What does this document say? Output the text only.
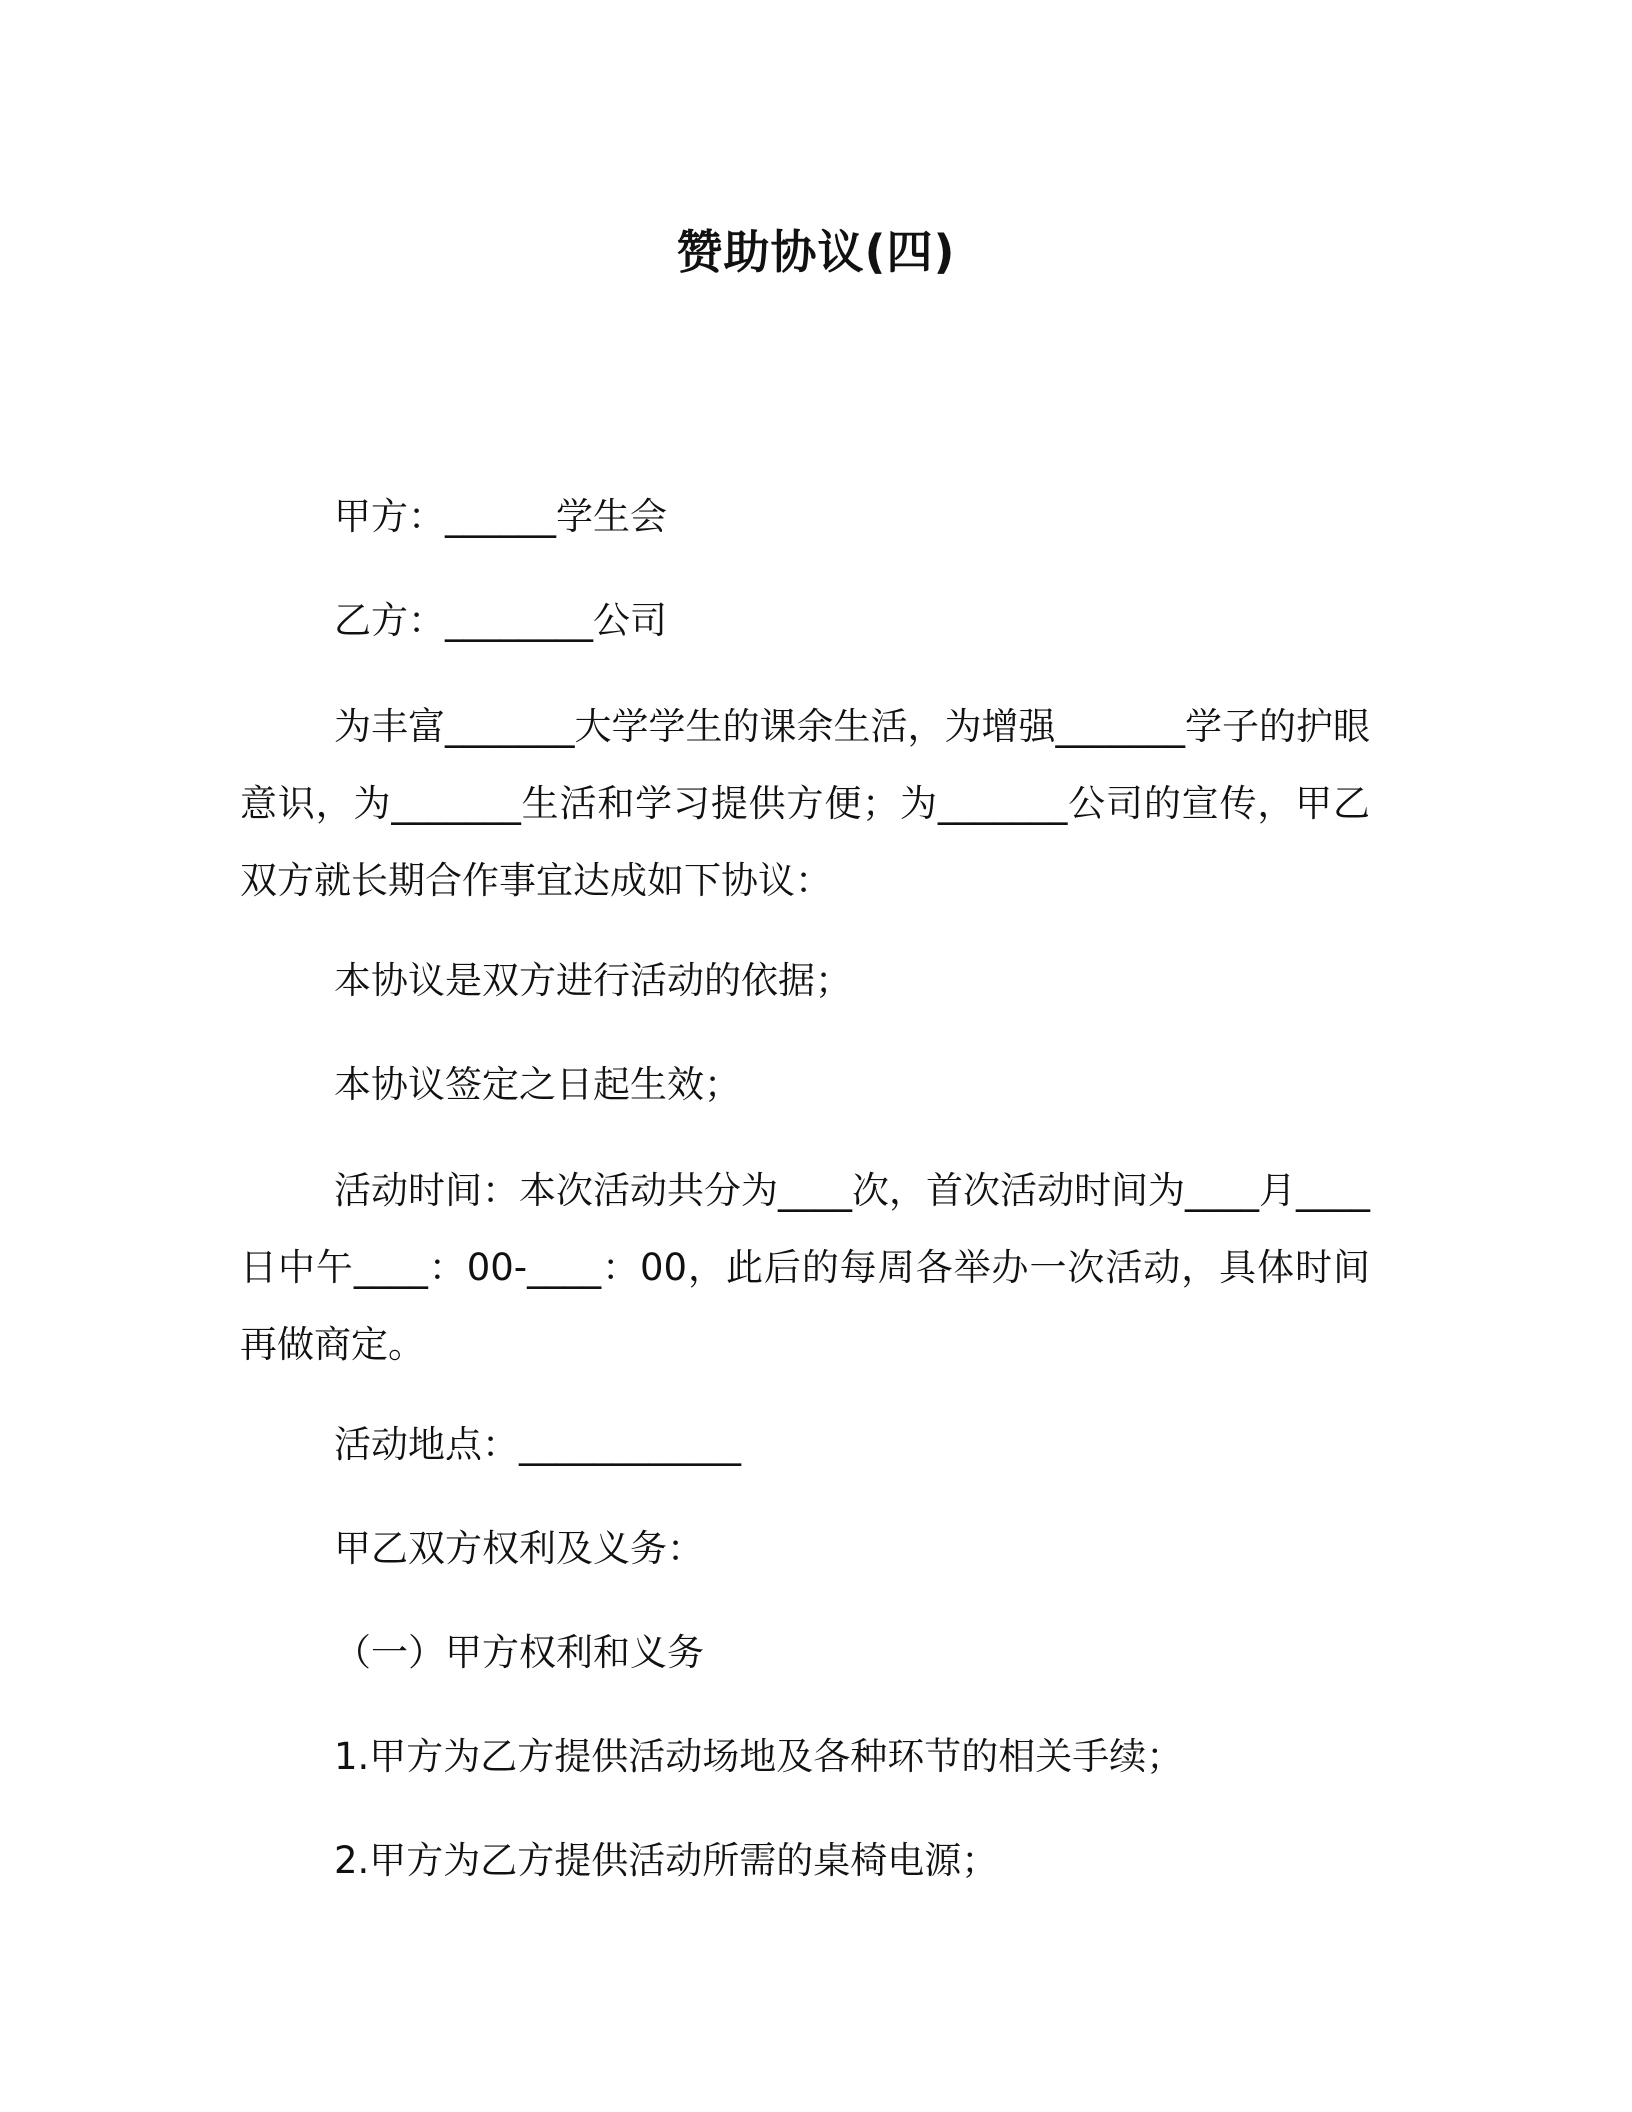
赞助协议(四)
甲方：______学生会
乙方：________公司
为丰富_______大学学生的课余生活，为增强_______学子的护眼意识，为_______生活和学习提供方便；为_______公司的宣传，甲乙双方就长期合作事宜达成如下协议：
本协议是双方进行活动的依据；
本协议签定之日起生效；
活动时间：本次活动共分为____次，首次活动时间为____月____日中午____：00-____：00，此后的每周各举办一次活动，具体时间再做商定。
活动地点：____________
甲乙双方权利及义务：
（一）甲方权利和义务
1.甲方为乙方提供活动场地及各种环节的相关手续；
2.甲方为乙方提供活动所需的桌椅电源；
